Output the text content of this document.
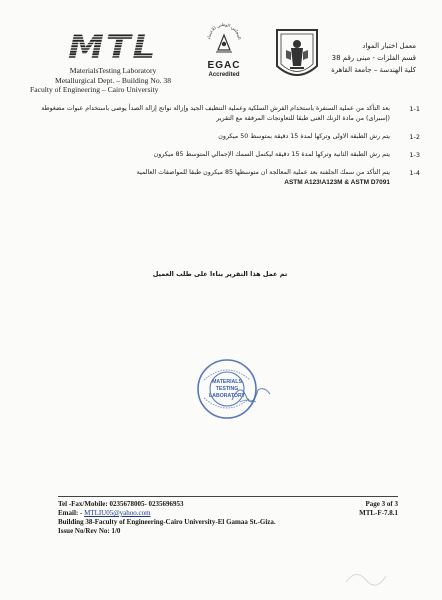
MTL
MaterialsTesting Laboratory
Metallurgical Dept. – Building No. 38
Faculty of Engineering – Cairo University
المجلس الوطني للاعتماد
EGAC
Accredited
معمل اختبار المواد
قسم الفلزات - مبنى رقم 38
كلية الهندسة – جامعة القاهرة
1-1
بعد التأكد من عملية السنفرة باستخدام الفرش السلكية وعملية التنظيف الجيد وإزالة نواتج إزالة الصدأ يوصى باستخدام عبوات مضغوطة (إسبراى) من مادة الزنك الغنى طبقا للتعاونجات المرفقة مع التقرير
1-2
يتم رش الطبقة الاولى وتركها لمدة 15 دقيقة بمتوسط 50 ميكرون
1-3
يتم رش الطبقة الثانية وتركها لمدة 15 دقيقة ليكتمل السمك الإجمالي المتوسط 85 ميكرون
1-4
يتم التأكد من سمك الجلفنة بعد عملية المعالجة ان متوسطها 85 ميكرون طبقا للمواصفات العالمية
ASTM A123\A123M & ASTM D7091
تم عمل هذا التقرير بناءا على طلب العميل
MATERIALS
TESTING
LABORATORY
Tel -Fax/Mobile: 0235678005- 0235696953	Page 3 of 3
Email: - MTLIU05@yahoo.com	MTL-F-7.8.1
Building 38-Faculty of Engineering-Cairo University-El Gamaa St.-Giza.
Issue No/Rev No: 1/0
